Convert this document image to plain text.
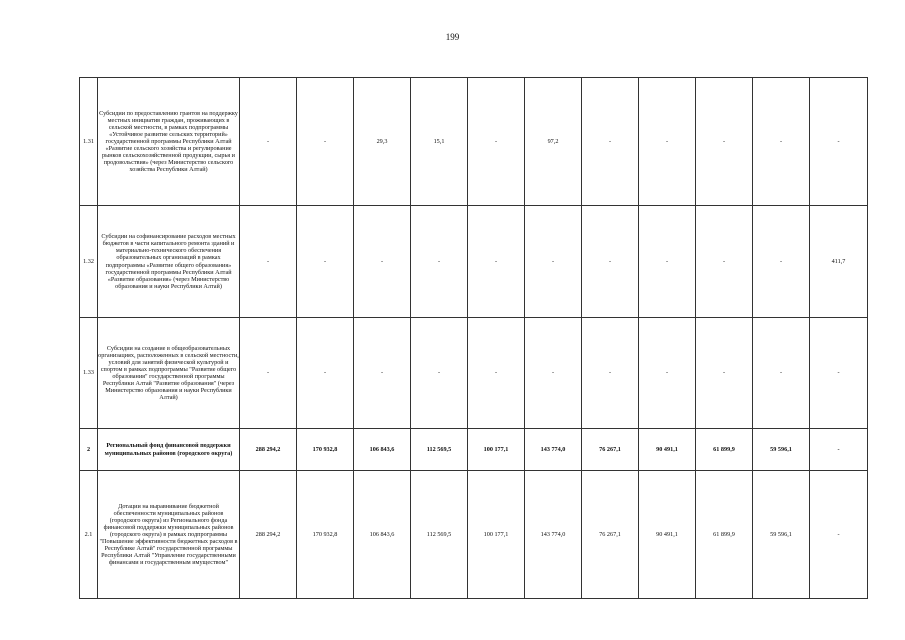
199
1.31	Субсидии по предоставлению грантов на поддержку местных инициатив граждан, проживающих в сельской местности, в рамках подпрограммы «Устойчивое развитие сельских территорий» государственной программы Республики Алтай «Развитие сельского хозяйства и регулирование рынков сельскохозяйственной продукции, сырья и продовольствия» (через Министерство сельского хозяйства Республики Алтай)	-	-	29,3	15,1	-	97,2	-	-	-	-	-
1.32	Субсидии на софинансирование расходов местных бюджетов в части капитального ремонта зданий и материально-технического обеспечения образовательных организаций в рамках подпрограммы «Развитие общего образования» государственной программы Республики Алтай «Развитие образования» (через Министерство образования и науки Республики Алтай)	-	-	-	-	-	-	-	-	-	-	411,7
1.33	Субсидии на создание в общеобразовательных организациях, расположенных в сельской местности, условий для занятий физической культурой и спортом в рамках подпрограммы "Развитие общего образования" государственной программы Республики Алтай "Развитие образования" (через Министерство образования и науки Республики Алтай)	-	-	-	-	-	-	-	-	-	-	-
2	Региональный фонд финансовой поддержки муниципальных районов (городского округа)	288 294,2	170 932,8	106 843,6	112 569,5	100 177,1	143 774,0	76 267,1	90 491,1	61 899,9	59 596,1	-
2.1	Дотации на выравнивание бюджетной обеспеченности муниципальных районов (городского округа) из Регионального фонда финансовой поддержки муниципальных районов (городского округа) в рамках подпрограммы "Повышение эффективности бюджетных расходов в Республике Алтай" государственной программы Республики Алтай "Управление государственными финансами и государственным имуществом"	288 294,2	170 932,8	106 843,6	112 569,5	100 177,1	143 774,0	76 267,1	90 491,1	61 899,9	59 596,1	-
